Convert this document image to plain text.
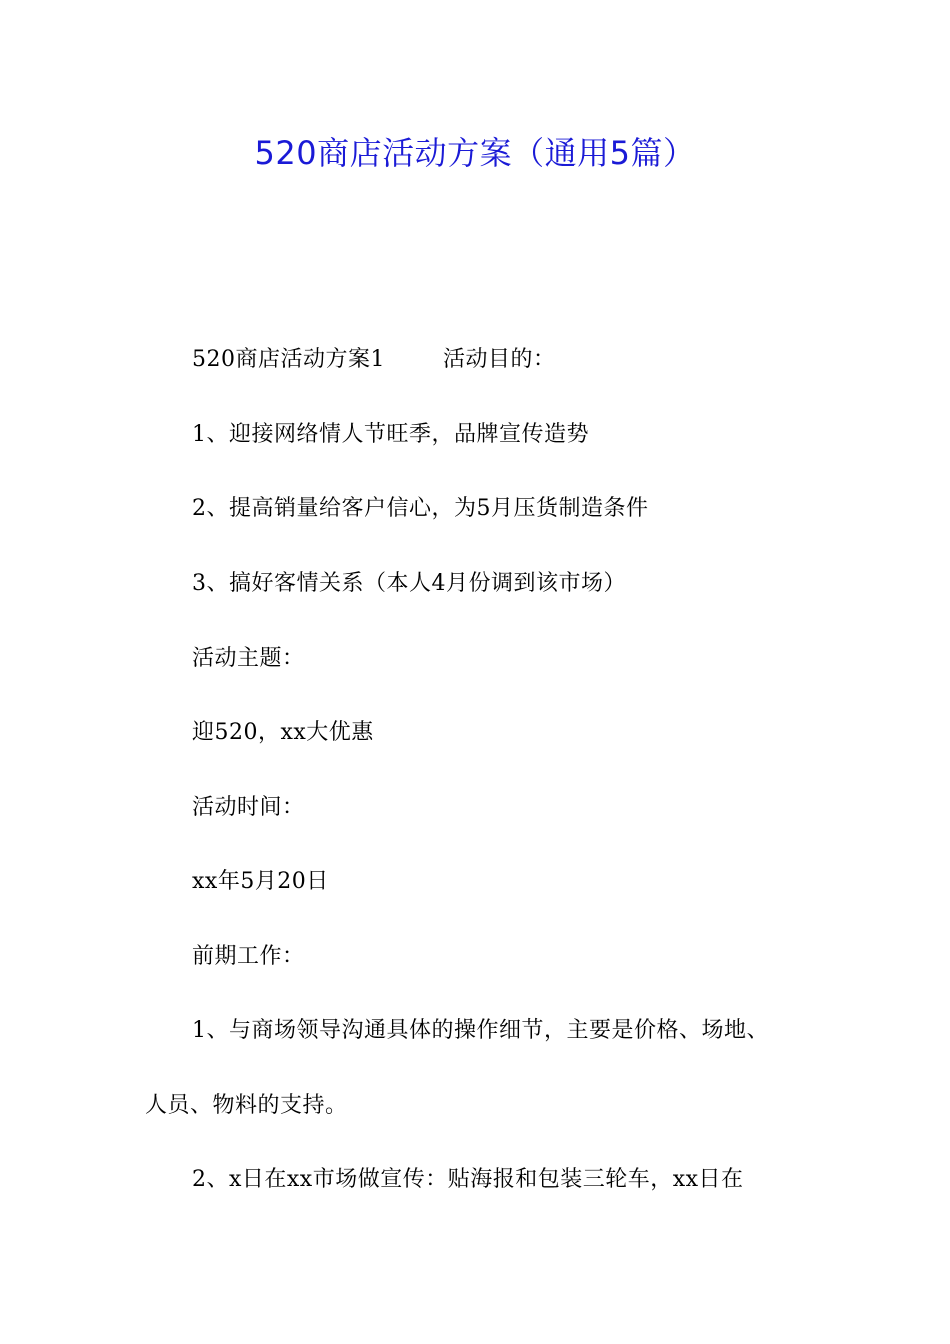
520商店活动方案（通用5篇）
520商店活动方案1	活动目的：
1、迎接网络情人节旺季，品牌宣传造势
2、提高销量给客户信心，为5月压货制造条件
3、搞好客情关系（本人4月份调到该市场）
活动主题：
迎520，xx大优惠
活动时间：
xx年5月20日
前期工作：
1、与商场领导沟通具体的操作细节，主要是价格、场地、
人员、物料的支持。
2、x日在xx市场做宣传：贴海报和包装三轮车，xx日在
